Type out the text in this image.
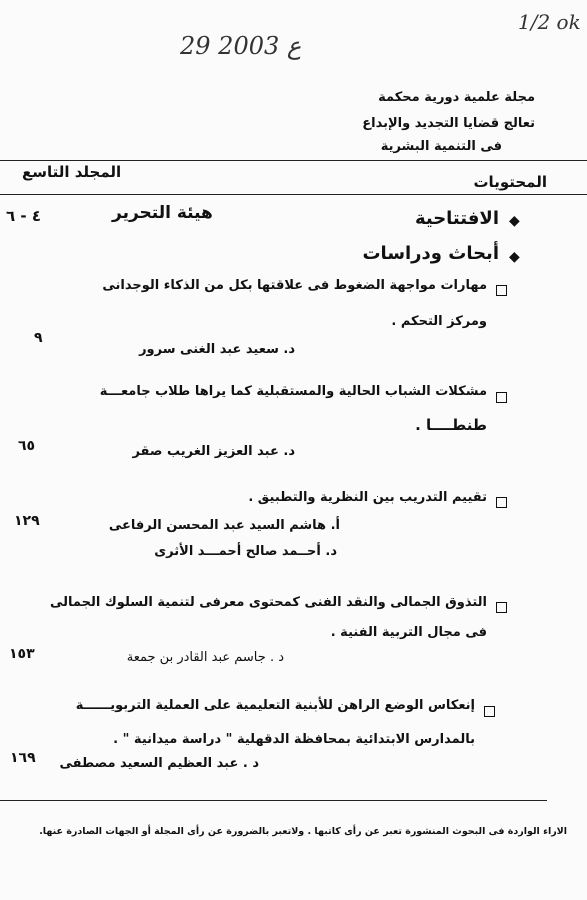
29 ع 2003
1/2 ok
مجلة علمية دورية محكمة
تعالج قضايا التجديد والإبداع
فى التنمية البشرية
المجلد التاسع
المحتويات
◆
الافتتاحية
هيئة التحرير
٤ - ٦
◆
أبحاث ودراسات
مهارات مواجهة الضغوط فى علاقتها بكل من الذكاء الوجدانى
ومركز التحكم .
د. سعيد عبد الغنى سرور
٩
مشكلات الشباب الحالية والمستقبلية كما يراها طلاب جامعـــة
طنطــــا .
د. عبد العزيز الغريب صقر
٦٥
تقييم التدريب بين النظرية والتطبيق .
أ. هاشم السيد عبد المحسن الرفاعى
د. أحــمد صالح أحمـــد الأثرى
١٢٩
التذوق الجمالى والنقد الفنى كمحتوى معرفى لتنمية السلوك الجمالى
فى مجال التربية الفنية .
د . جاسم عبد القادر بن جمعة
١٥٣
إنعكاس الوضع الراهن للأبنية التعليمية على العملية التربويــــــة
بالمدارس الابتدائية بمحافظة الدقهلية " دراسة ميدانية " .
د . عبد العظيم السعيد مصطفى
١٦٩
الاراء الواردة فى البحوث المنشورة تعبر عن رأى كاتبها . ولاتعبر بالضرورة عن رأى المجلة أو الجهات الصادرة عنها.
